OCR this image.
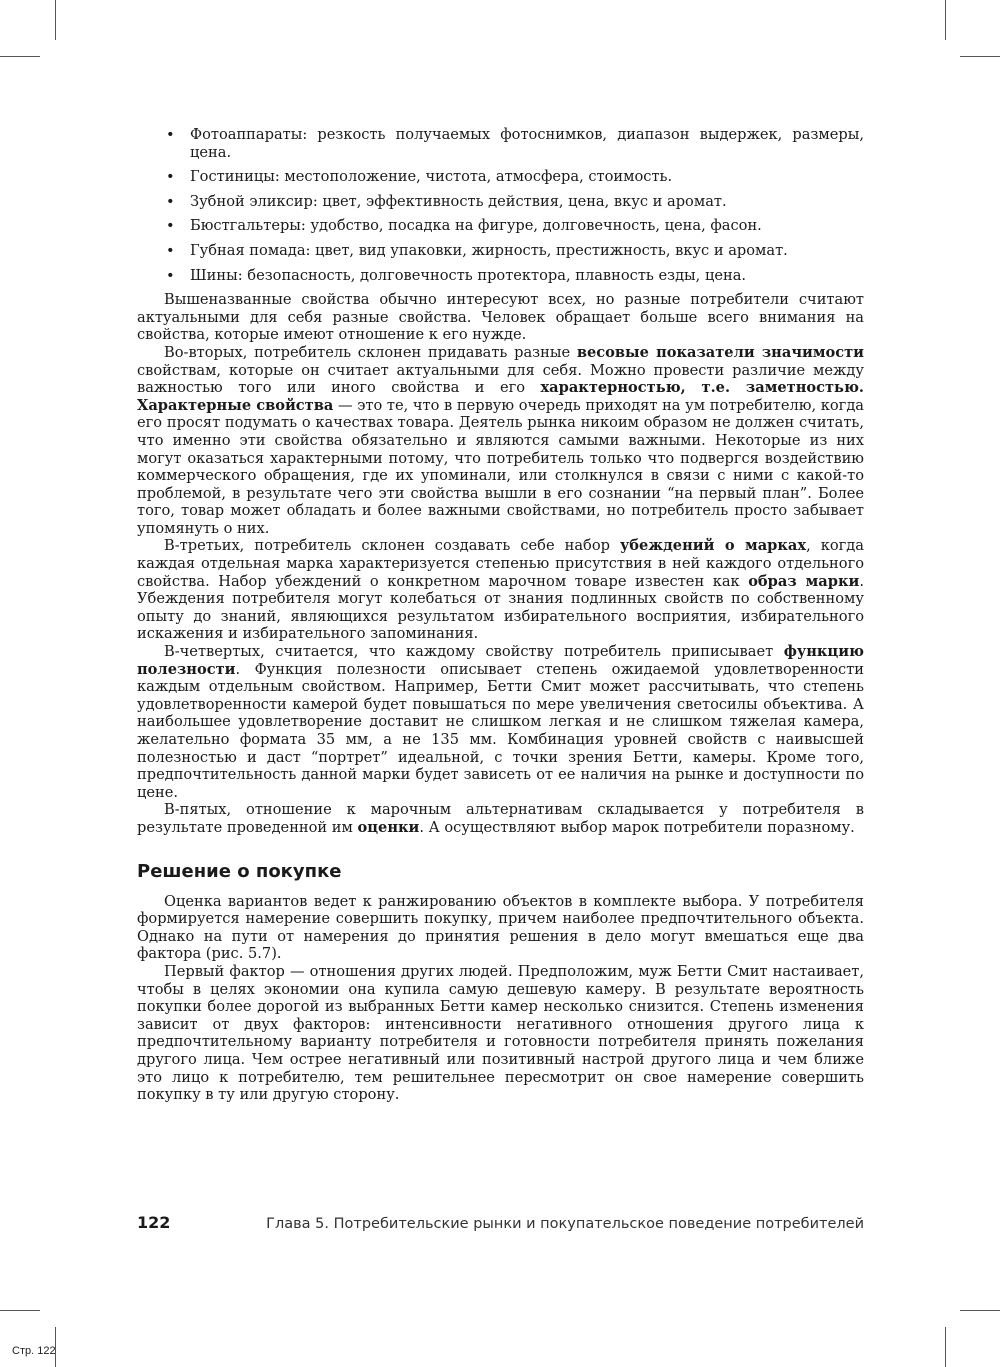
• Фотоаппараты: резкость получаемых фотоснимков, диапазон выдержек, размеры, цена.
• Гостиницы: местоположение, чистота, атмосфера, стоимость.
• Зубной эликсир: цвет, эффективность действия, цена, вкус и аромат.
• Бюстгальтеры: удобство, посадка на фигуре, долговечность, цена, фасон.
• Губная помада: цвет, вид упаковки, жирность, престижность, вкус и аромат.
• Шины: безопасность, долговечность протектора, плавность езды, цена.

Вышеназванные свойства обычно интересуют всех, но разные потребители считают актуальными для себя разные свойства. Человек обращает больше всего внимания на свойства, которые имеют отношение к его нужде.

Во-вторых, потребитель склонен придавать разные весовые показатели значимости свойствам, которые он считает актуальными для себя. Можно провести различие между важностью того или иного свойства и его характерностью, т.е. заметностью. Характерные свойства — это те, что в первую очередь приходят на ум потребителю, когда его просят подумать о качествах товара. Деятель рынка никоим образом не должен считать, что именно эти свойства обязательно и являются самыми важными. Некоторые из них могут оказаться характерными потому, что потребитель только что подвергся воздействию коммерческого обращения, где их упоминали, или столкнулся в связи с ними с какой-то проблемой, в результате чего эти свойства вышли в его сознании “на первый план”. Более того, товар может обладать и более важными свойствами, но потребитель просто забывает упомянуть о них.

В-третьих, потребитель склонен создавать себе набор убеждений о марках, когда каждая отдельная марка характеризуется степенью присутствия в ней каждого отдельного свойства. Набор убеждений о конкретном марочном товаре известен как образ марки. Убеждения потребителя могут колебаться от знания подлинных свойств по собственному опыту до знаний, являющихся результатом избирательного восприятия, избирательного искажения и избирательного запоминания.

В-четвертых, считается, что каждому свойству потребитель приписывает функцию полезности. Функция полезности описывает степень ожидаемой удовлетворенности каждым отдельным свойством. Например, Бетти Смит может рассчитывать, что степень удовлетворенности камерой будет повышаться по мере увеличения светосилы объектива. А наибольшее удовлетворение доставит не слишком легкая и не слишком тяжелая камера, желательно формата 35 мм, а не 135 мм. Комбинация уровней свойств с наивысшей полезностью и даст “портрет” идеальной, с точки зрения Бетти, камеры. Кроме того, предпочтительность данной марки будет зависеть от ее наличия на рынке и доступности по цене.

В-пятых, отношение к марочным альтернативам складывается у потребителя в результате проведенной им оценки. А осуществляют выбор марок потребители поразному.

Решение о покупке

Оценка вариантов ведет к ранжированию объектов в комплекте выбора. У потребителя формируется намерение совершить покупку, причем наиболее предпочтительного объекта. Однако на пути от намерения до принятия решения в дело могут вмешаться еще два фактора (рис. 5.7).

Первый фактор — отношения других людей. Предположим, муж Бетти Смит настаивает, чтобы в целях экономии она купила самую дешевую камеру. В результате вероятность покупки более дорогой из выбранных Бетти камер несколько снизится. Степень изменения зависит от двух факторов: интенсивности негативного отношения другого лица к предпочтительному варианту потребителя и готовности потребителя принять пожелания другого лица. Чем острее негативный или позитивный настрой другого лица и чем ближе это лицо к потребителю, тем решительнее пересмотрит он свое намерение совершить покупку в ту или другую сторону.

122	Глава 5. Потребительские рынки и покупательское поведение потребителей
Стр. 122
